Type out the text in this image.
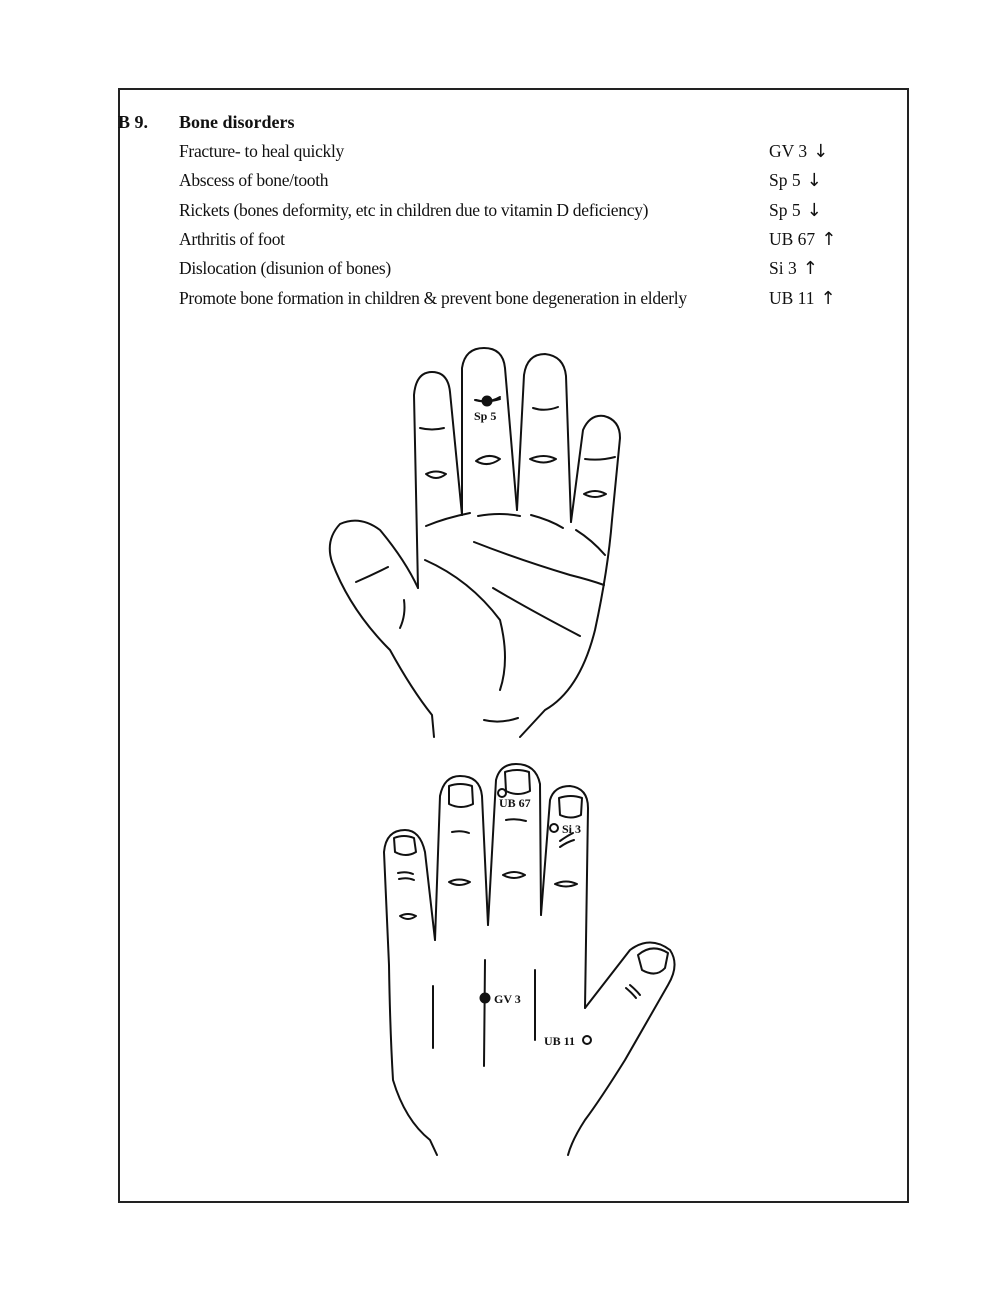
B 9. Bone disorders
Fracture- to heal quickly	GV 3 ↓
Abscess of bone/tooth	Sp 5 ↓
Rickets (bones deformity, etc in children due to vitamin D deficiency)	Sp 5 ↓
Arthritis of foot	UB 67 ↑
Dislocation (disunion of bones)	Si 3 ↑
Promote bone formation in children & prevent bone degeneration in elderly	UB 11 ↑
Sp 5
UB 67
Si 3
GV 3
UB 11
